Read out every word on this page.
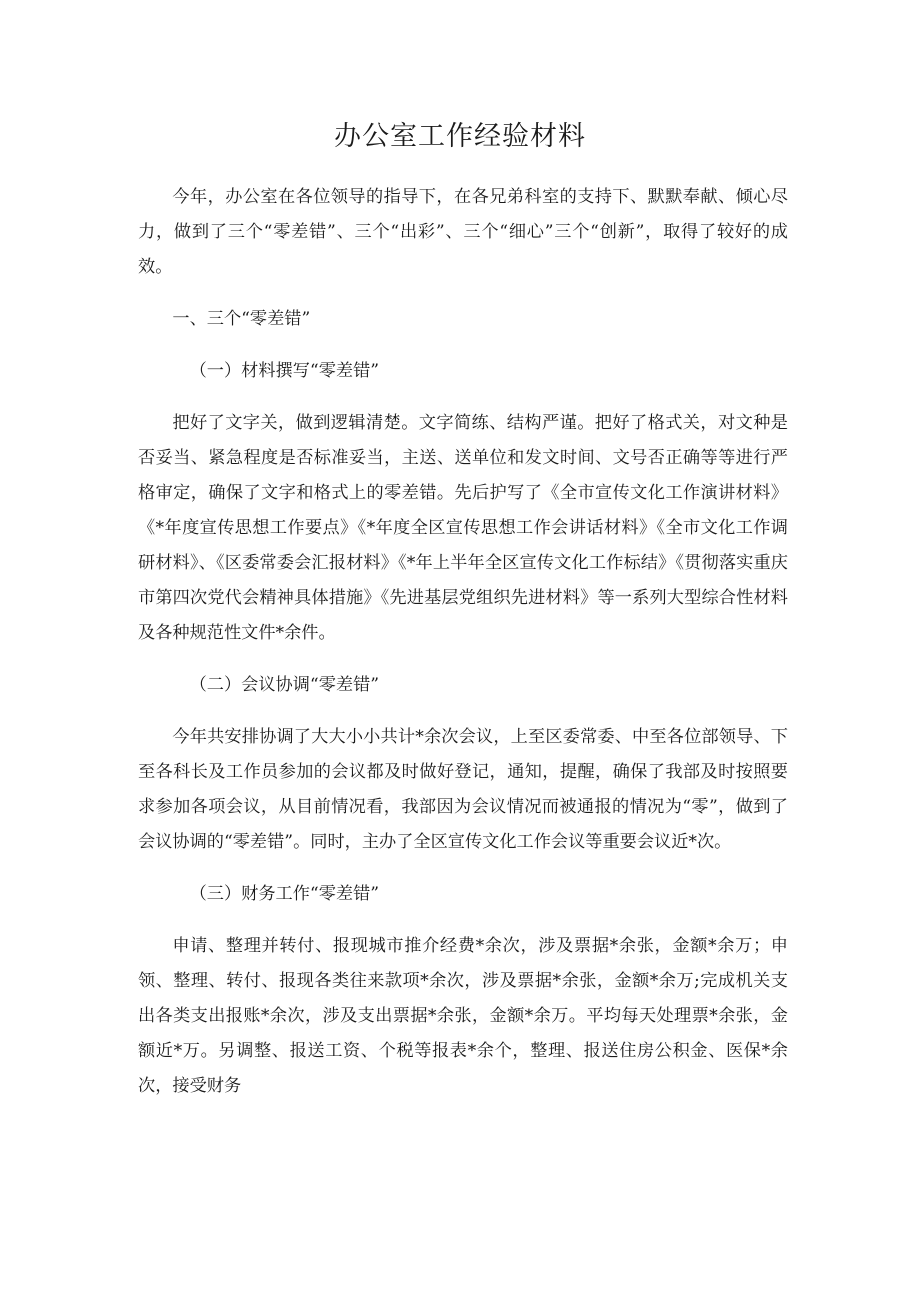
办公室工作经验材料

今年，办公室在各位领导的指导下，在各兄弟科室的支持下、默默奉献、倾心尽力，做到了三个“零差错”、三个“出彩”、三个“细心”三个“创新”，取得了较好的成效。

一、三个“零差错”

（一）材料撰写“零差错”

把好了文字关，做到逻辑清楚。文字简练、结构严谨。把好了格式关，对文种是否妥当、紧急程度是否标准妥当，主送、送单位和发文时间、文号否正确等等进行严格审定，确保了文字和格式上的零差错。先后护写了《全市宣传文化工作演讲材料》《*年度宣传思想工作要点》《*年度全区宣传思想工作会讲话材料》《全市文化工作调研材料》、《区委常委会汇报材料》《*年上半年全区宣传文化工作标结》《贯彻落实重庆市第四次党代会精神具体措施》《先进基层党组织先进材料》等一系列大型综合性材料及各种规范性文件*余件。

（二）会议协调“零差错”

今年共安排协调了大大小小共计*余次会议，上至区委常委、中至各位部领导、下至各科长及工作员参加的会议都及时做好登记，通知，提醒，确保了我部及时按照要求参加各项会议，从目前情况看，我部因为会议情况而被通报的情况为“零”，做到了会议协调的“零差错”。同时，主办了全区宣传文化工作会议等重要会议近*次。

（三）财务工作“零差错”

申请、整理并转付、报现城市推介经费*余次，涉及票据*余张，金额*余万；申领、整理、转付、报现各类往来款项*余次，涉及票据*余张，金额*余万;完成机关支出各类支出报账*余次，涉及支出票据*余张，金额*余万。平均每天处理票*余张，金额近*万。另调整、报送工资、个税等报表*余个，整理、报送住房公积金、医保*余次，接受财务
